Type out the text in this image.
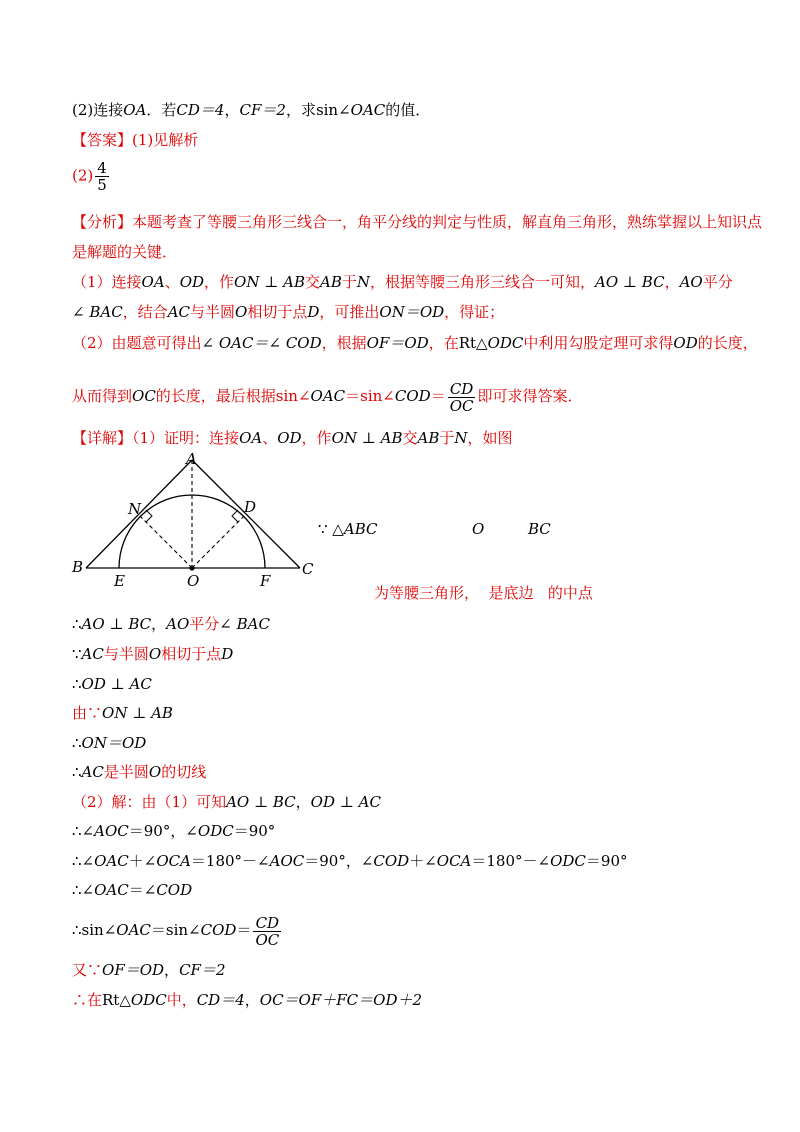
(2)连接OA．若CD＝4，CF＝2，求sin∠OAC的值．
【答案】(1)见解析
$(2) \frac{4}{5}$
【分析】本题考查了等腰三角形三线合一，角平分线的判定与性质，解直角三角形，熟练掌握以上知识点
是解题的关键．
（1）连接OA、OD，作ON ⊥ AB交AB于N，根据等腰三角形三线合一可知，AO ⊥ BC，AO平分
∠ BAC，结合AC与半圆O相切于点D，可推出ON＝OD，得证；
（2）由题意可得出∠ OAC＝∠ COD，根据OF＝OD，在Rt△ODC中利用勾股定理可求得OD的长度，
从而得到OC的长度，最后根据sin∠OAC＝sin∠COD＝ $\frac{CD}{OC}$ 即可求得答案．
【详解】（1）证明：连接OA、OD，作ON ⊥ AB交AB于N，如图
A
N	D
B
E	O	F
C
∵ △ABC	O	BC
为等腰三角形，  是底边   的中点
∴AO ⊥ BC，AO平分∠ BAC
∵AC与半圆O相切于点D
∴OD ⊥ AC
由∵ON ⊥ AB
∴ON＝OD
∴AC是半圆O的切线
（2）解：由（1）可知AO ⊥ BC，OD ⊥ AC
∴∠AOC＝90°，∠ODC＝90°
∴∠OAC＋∠OCA＝180°－∠AOC＝90°，∠COD＋∠OCA＝180°－∠ODC＝90°
∴∠OAC＝∠COD
∴sin∠OAC＝sin∠COD＝ $\frac{CD}{OC}$
又∵OF＝OD，CF＝2
∴在Rt△ODC中，CD＝4，OC＝OF＋FC＝OD＋2
